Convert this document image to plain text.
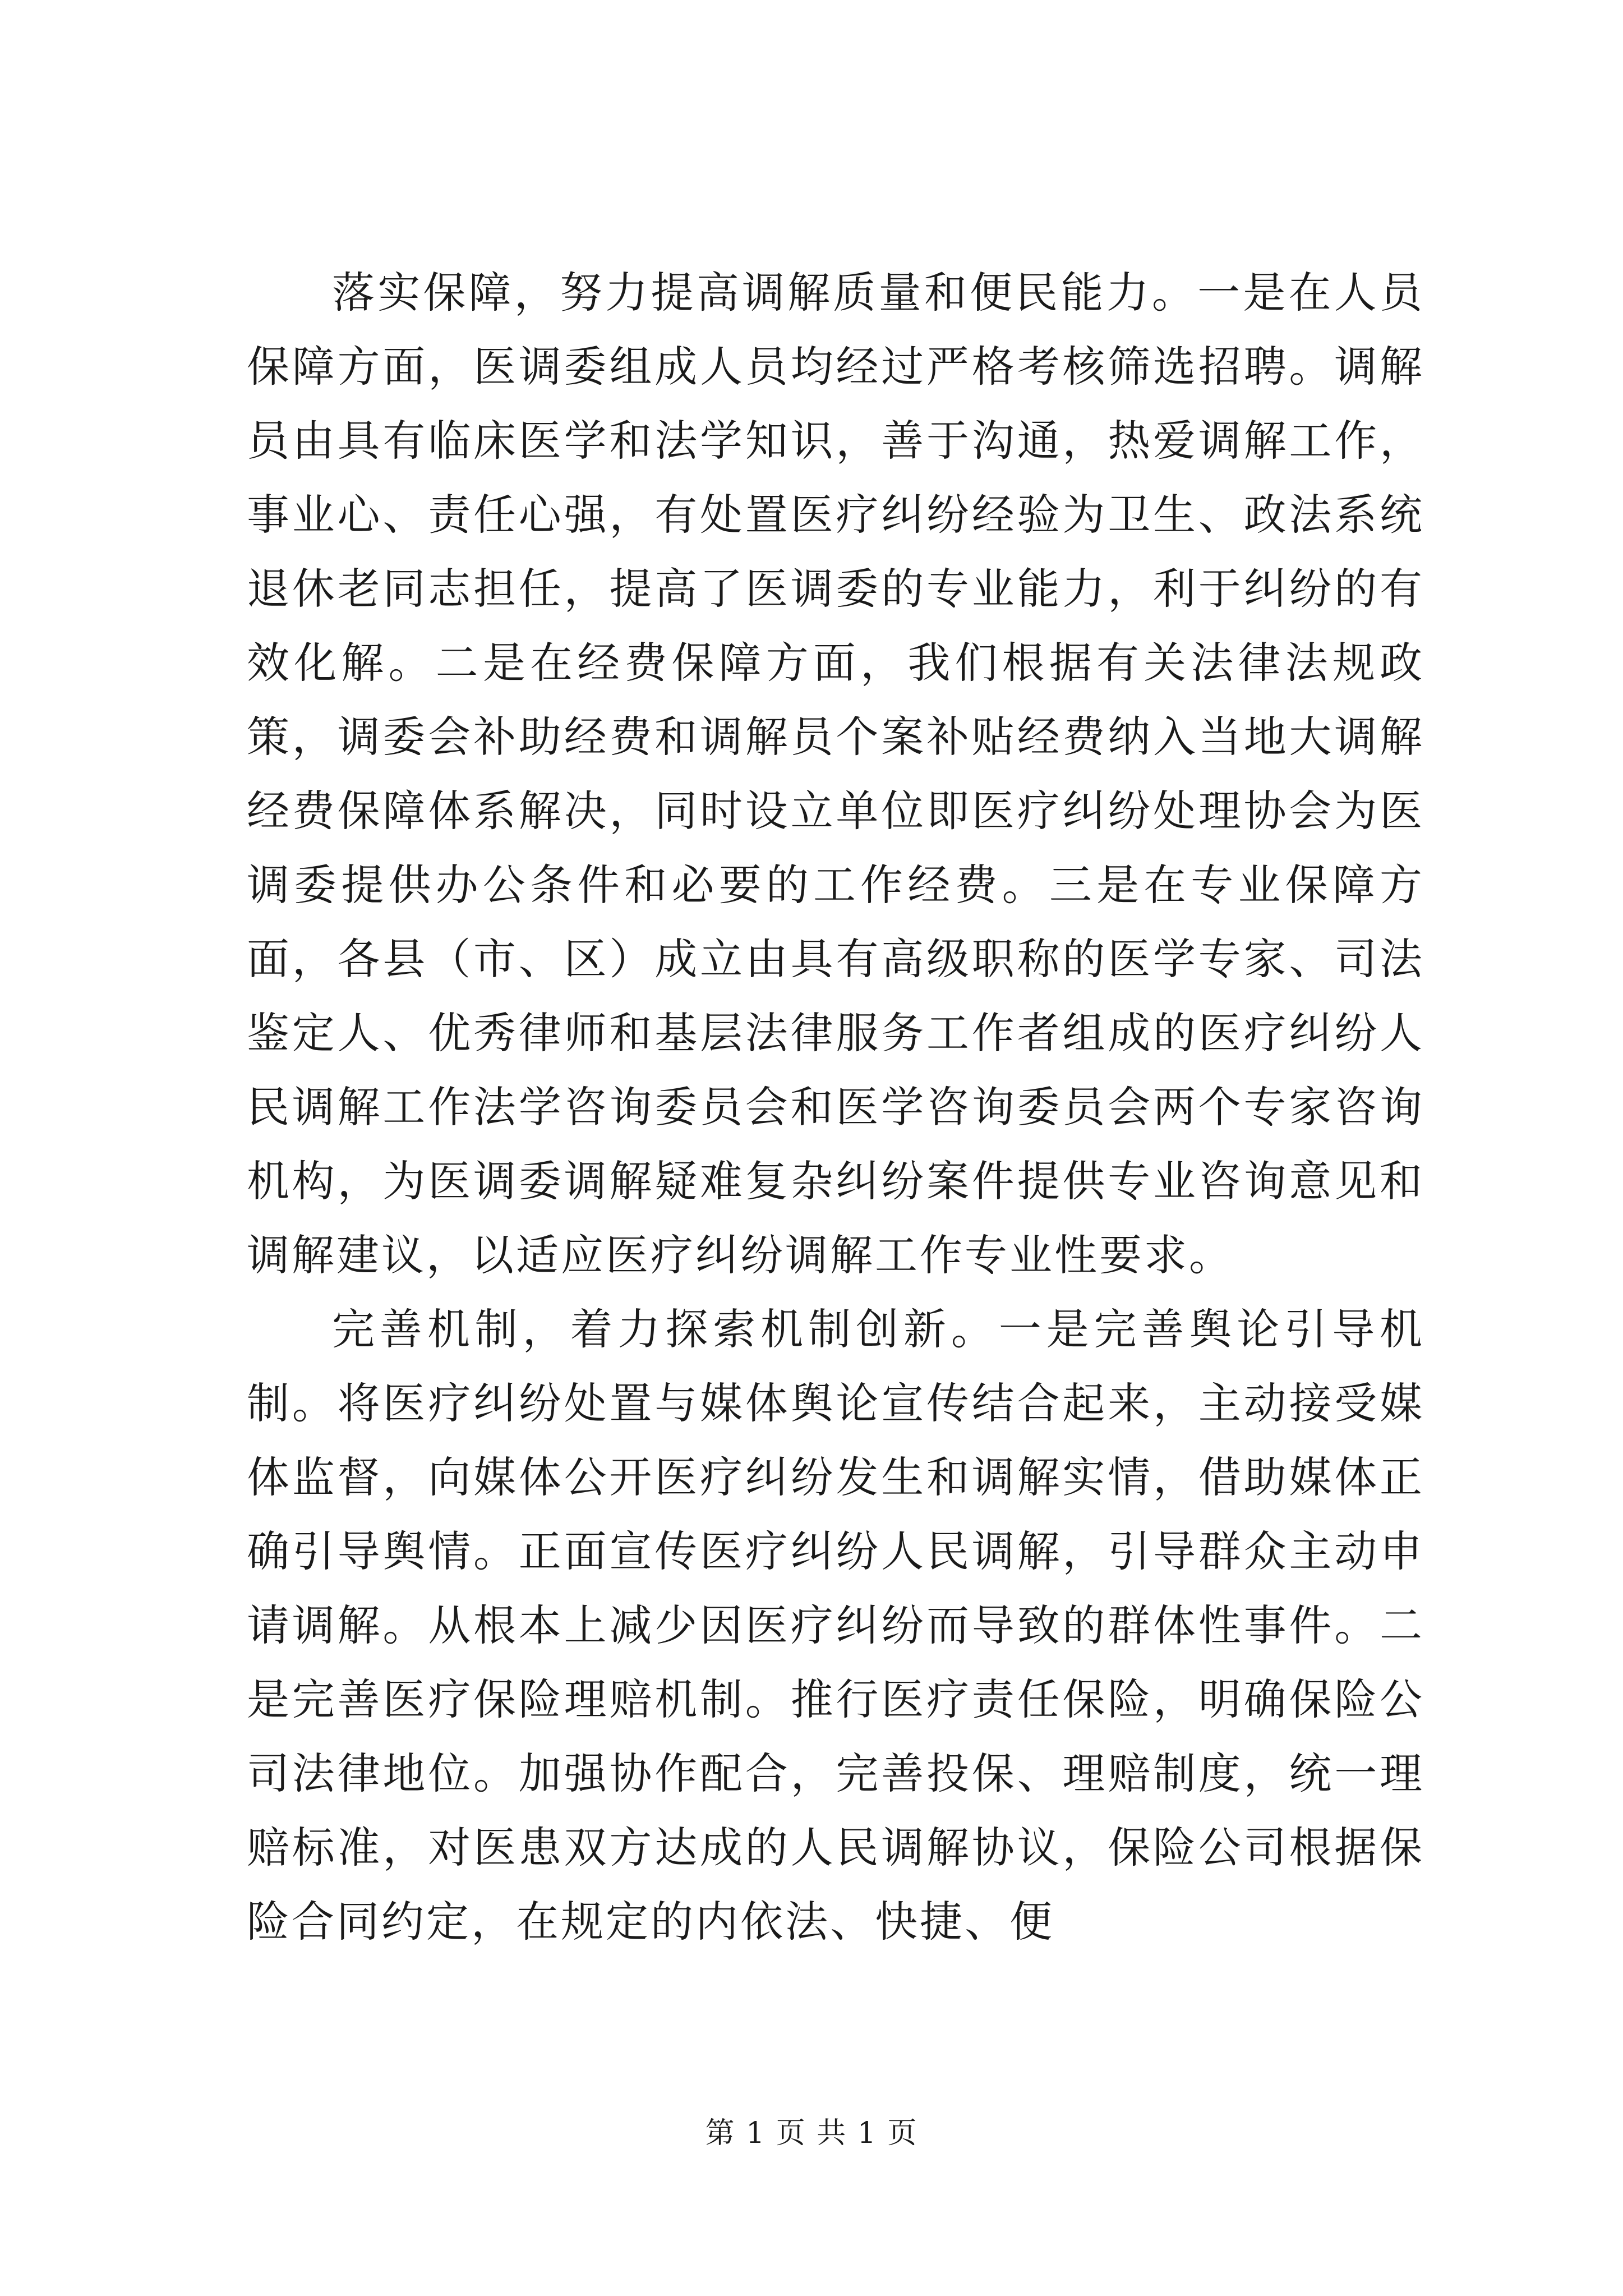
落实保障，努力提高调解质量和便民能力。一是在人员保障方面，医调委组成人员均经过严格考核筛选招聘。调解员由具有临床医学和法学知识，善于沟通，热爱调解工作，事业心、责任心强，有处置医疗纠纷经验为卫生、政法系统退休老同志担任，提高了医调委的专业能力，利于纠纷的有效化解。二是在经费保障方面，我们根据有关法律法规政策，调委会补助经费和调解员个案补贴经费纳入当地大调解经费保障体系解决，同时设立单位即医疗纠纷处理协会为医调委提供办公条件和必要的工作经费。三是在专业保障方面，各县（市、区）成立由具有高级职称的医学专家、司法鉴定人、优秀律师和基层法律服务工作者组成的医疗纠纷人民调解工作法学咨询委员会和医学咨询委员会两个专家咨询机构，为医调委调解疑难复杂纠纷案件提供专业咨询意见和调解建议，以适应医疗纠纷调解工作专业性要求。

完善机制，着力探索机制创新。一是完善舆论引导机制。将医疗纠纷处置与媒体舆论宣传结合起来，主动接受媒体监督，向媒体公开医疗纠纷发生和调解实情，借助媒体正确引导舆情。正面宣传医疗纠纷人民调解，引导群众主动申请调解。从根本上减少因医疗纠纷而导致的群体性事件。二是完善医疗保险理赔机制。推行医疗责任保险，明确保险公司法律地位。加强协作配合，完善投保、理赔制度，统一理赔标准，对医患双方达成的人民调解协议，保险公司根据保险合同约定，在规定的内依法、快捷、便

第 1 页 共 1 页
